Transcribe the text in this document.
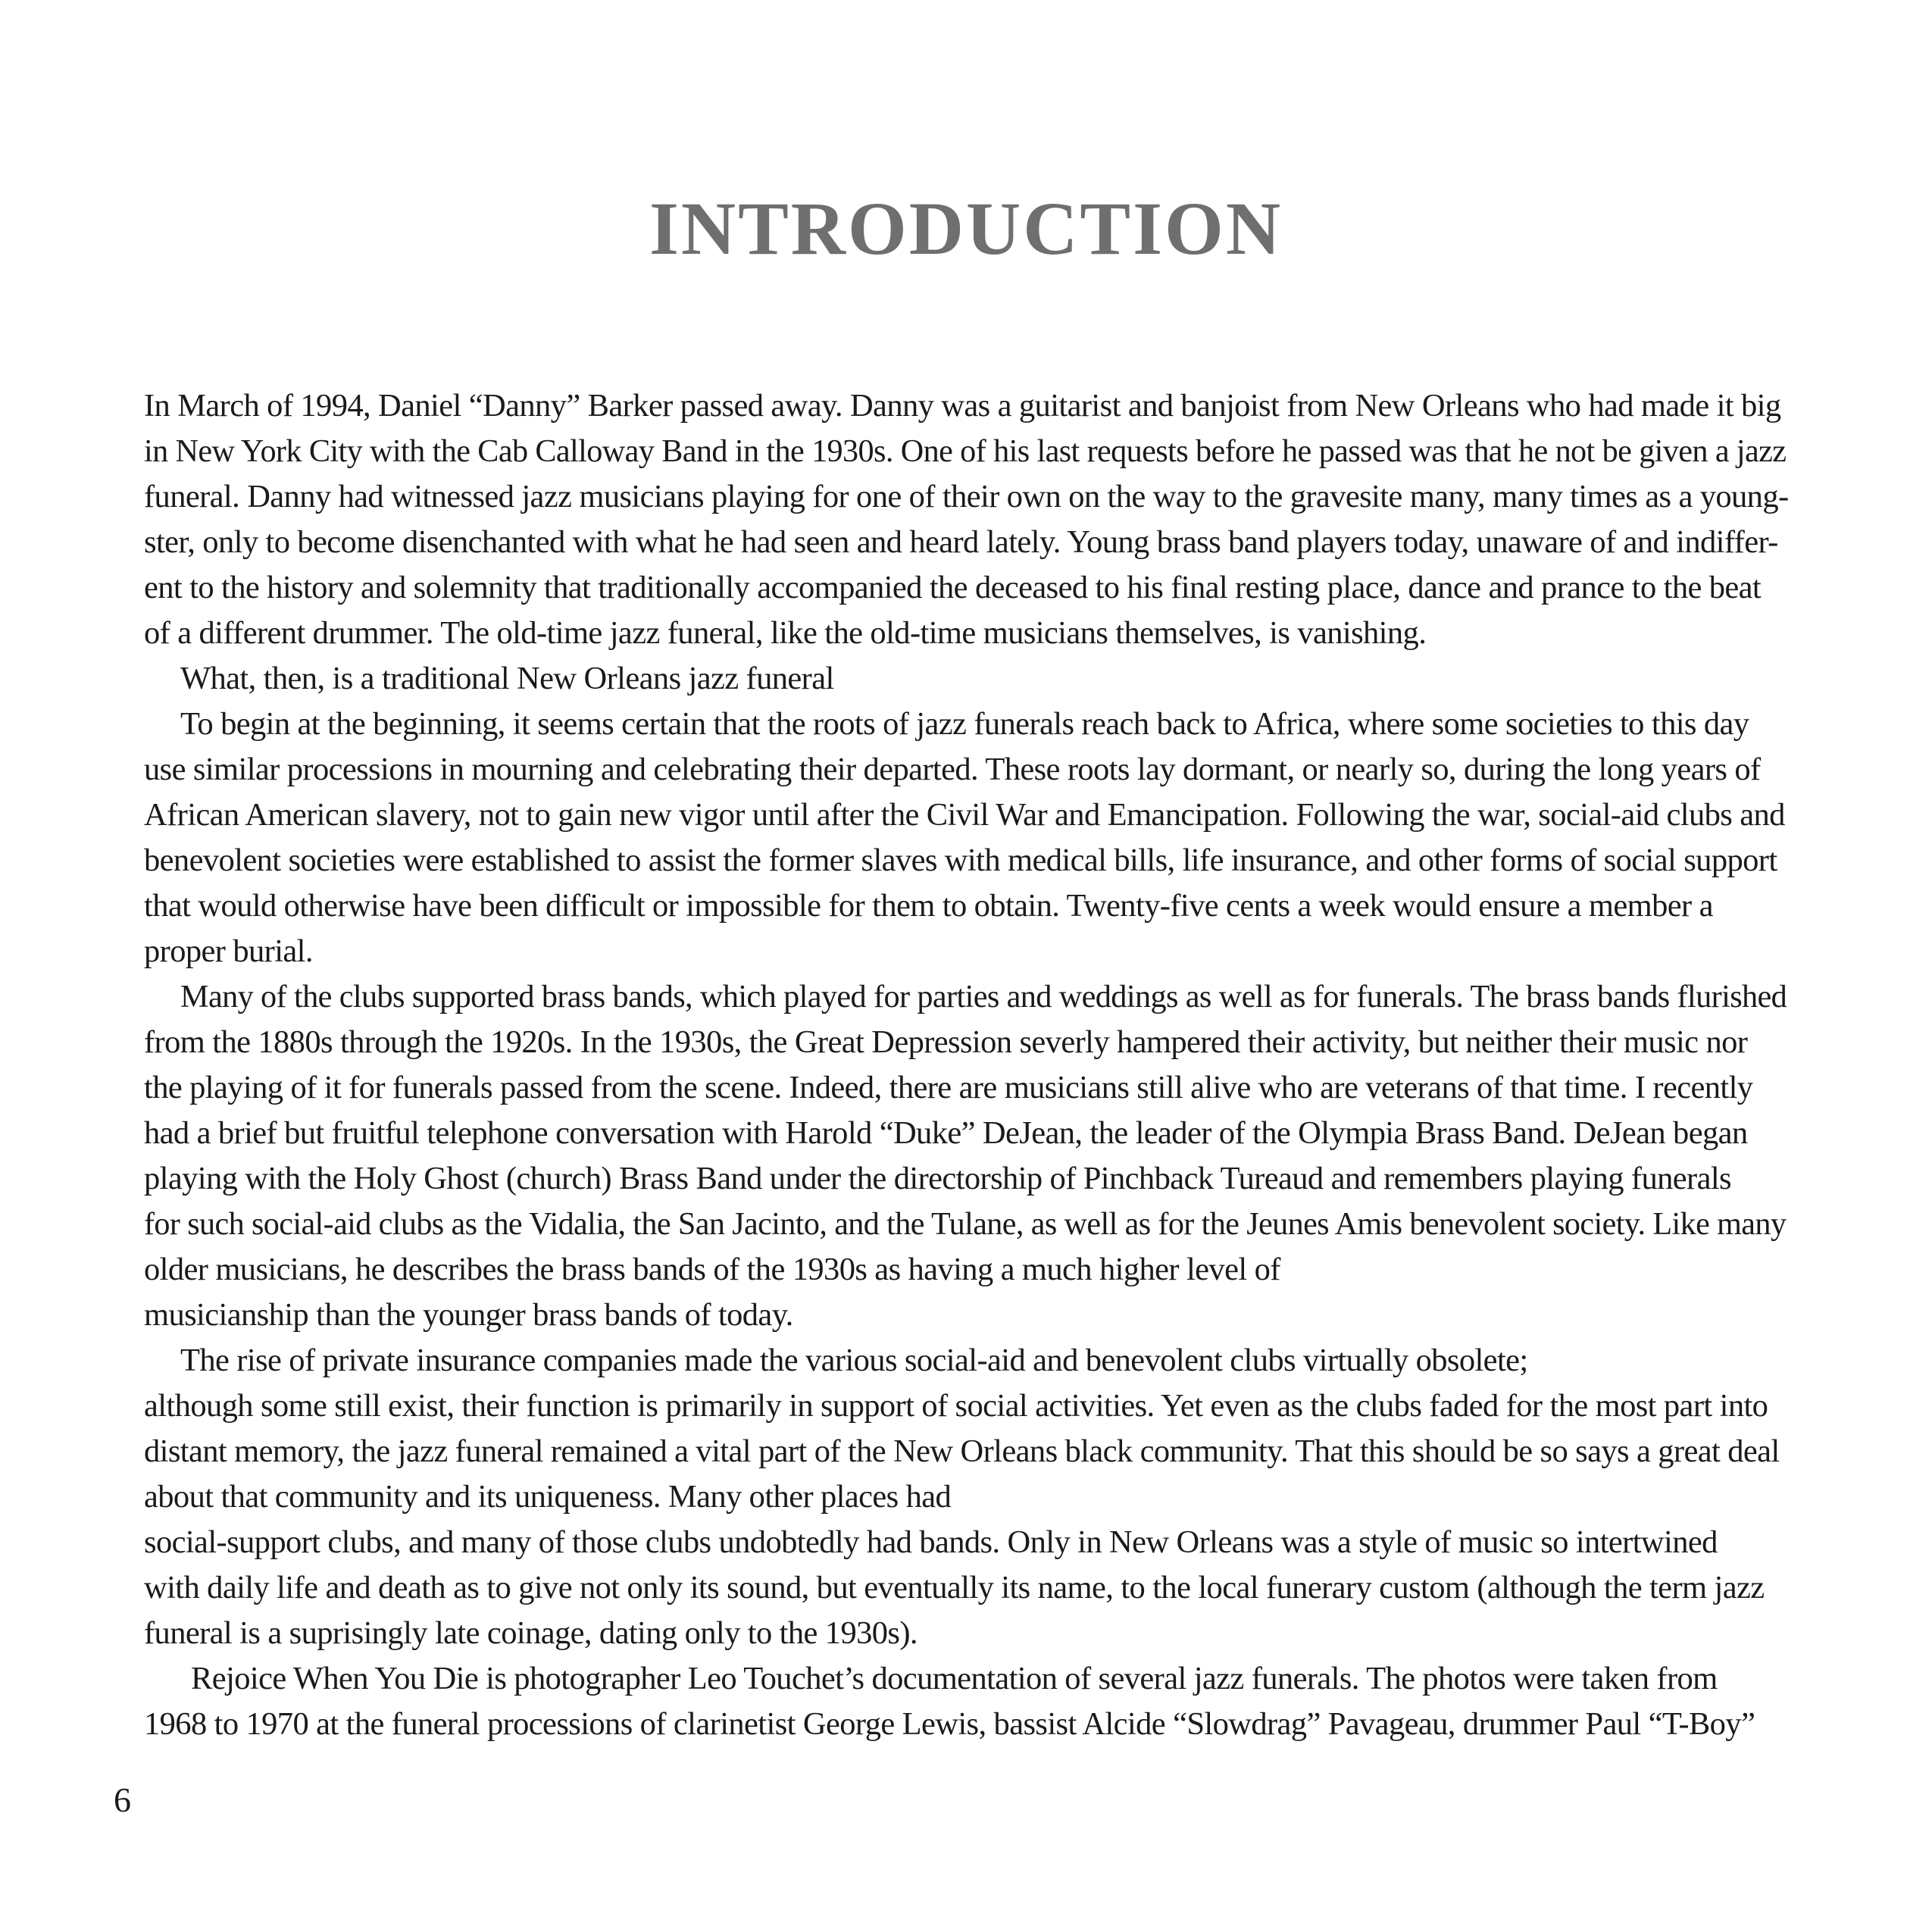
INTRODUCTION
In March of 1994, Daniel “Danny” Barker passed away. Danny was a guitarist and banjoist from New Orleans who had made it big
in New York City with the Cab Calloway Band in the 1930s. One of his last requests before he passed was that he not be given a jazz
funeral. Danny had witnessed jazz musicians playing for one of their own on the way to the gravesite many, many times as a young-
ster, only to become disenchanted with what he had seen and heard lately. Young brass band players today, unaware of and indiffer-
ent to the history and solemnity that traditionally accompanied the deceased to his final resting place, dance and prance to the beat
of a different drummer. The old-time jazz funeral, like the old-time musicians themselves, is vanishing.
What, then, is a traditional New Orleans jazz funeral
To begin at the beginning, it seems certain that the roots of jazz funerals reach back to Africa, where some societies to this day
use similar processions in mourning and celebrating their departed. These roots lay dormant, or nearly so, during the long years of
African American slavery, not to gain new vigor until after the Civil War and Emancipation. Following the war, social-aid clubs and
benevolent societies were established to assist the former slaves with medical bills, life insurance, and other forms of social support
that would otherwise have been difficult or impossible for them to obtain. Twenty-five cents a week would ensure a member a
proper burial.
Many of the clubs supported brass bands, which played for parties and weddings as well as for funerals. The brass bands flurished
from the 1880s through the 1920s. In the 1930s, the Great Depression severly hampered their activity, but neither their music nor
the playing of it for funerals passed from the scene. Indeed, there are musicians still alive who are veterans of that time. I recently
had a brief but fruitful telephone conversation with Harold “Duke” DeJean, the leader of the Olympia Brass Band. DeJean began
playing with the Holy Ghost (church) Brass Band under the directorship of Pinchback Tureaud and remembers playing funerals
for such social-aid clubs as the Vidalia, the San Jacinto, and the Tulane, as well as for the Jeunes Amis benevolent society. Like many
older musicians, he describes the brass bands of the 1930s as having a much higher level of
musicianship than the younger brass bands of today.
The rise of private insurance companies made the various social-aid and benevolent clubs virtually obsolete;
although some still exist, their function is primarily in support of social activities. Yet even as the clubs faded for the most part into
distant memory, the jazz funeral remained a vital part of the New Orleans black community. That this should be so says a great deal
about that community and its uniqueness. Many other places had
social-support clubs, and many of those clubs undobtedly had bands. Only in New Orleans was a style of music so intertwined
with daily life and death as to give not only its sound, but eventually its name, to the local funerary custom (although the term jazz
funeral is a suprisingly late coinage, dating only to the 1930s).
Rejoice When You Die is photographer Leo Touchet’s documentation of several jazz funerals. The photos were taken from
1968 to 1970 at the funeral processions of clarinetist George Lewis, bassist Alcide “Slowdrag” Pavageau, drummer Paul “T-Boy”

6
